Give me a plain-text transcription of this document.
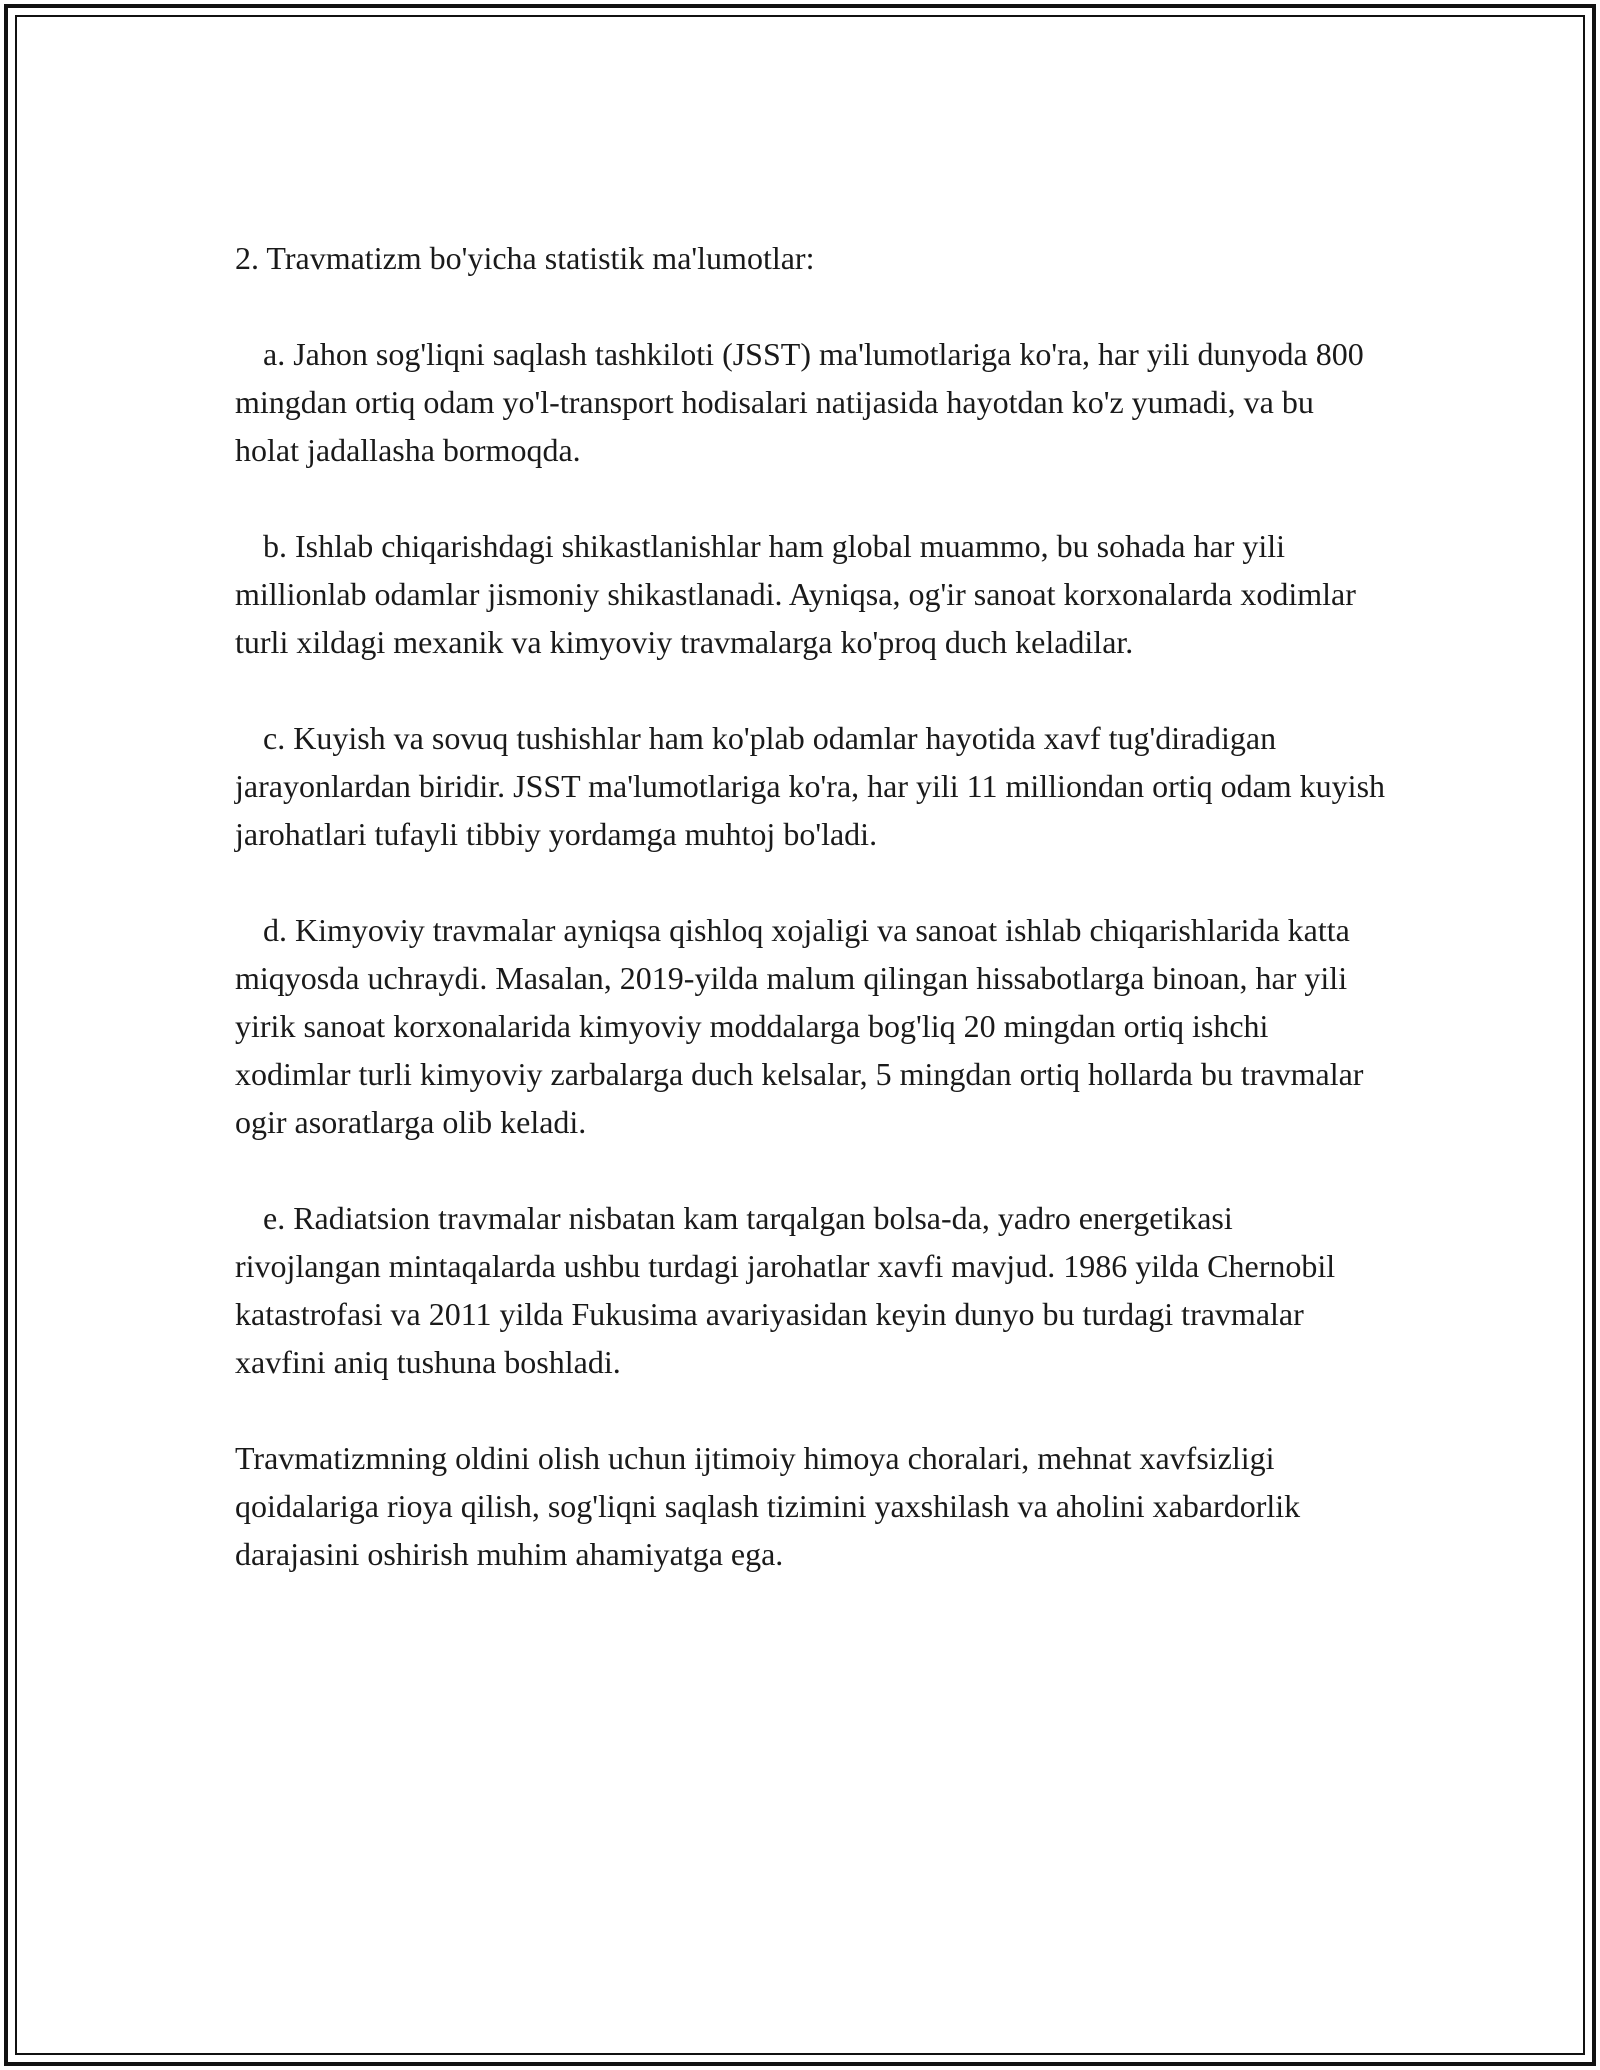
2. Travmatizm bo'yicha statistik ma'lumotlar:

a. Jahon sog'liqni saqlash tashkiloti (JSST) ma'lumotlariga ko'ra, har yili dunyoda 800 mingdan ortiq odam yo'l-transport hodisalari natijasida hayotdan ko'z yumadi, va bu holat jadallasha bormoqda.

b. Ishlab chiqarishdagi shikastlanishlar ham global muammo, bu sohada har yili millionlab odamlar jismoniy shikastlanadi. Ayniqsa, og'ir sanoat korxonalarda xodimlar turli xildagi mexanik va kimyoviy travmalarga ko'proq duch keladilar.

c. Kuyish va sovuq tushishlar ham ko'plab odamlar hayotida xavf tug'diradigan jarayonlardan biridir. JSST ma'lumotlariga ko'ra, har yili 11 milliondan ortiq odam kuyish jarohatlari tufayli tibbiy yordamga muhtoj bo'ladi.

d. Kimyoviy travmalar ayniqsa qishloq xojaligi va sanoat ishlab chiqarishlarida katta miqyosda uchraydi. Masalan, 2019-yilda malum qilingan hissabotlarga binoan, har yili yirik sanoat korxonalarida kimyoviy moddalarga bog'liq 20 mingdan ortiq ishchi xodimlar turli kimyoviy zarbalarga duch kelsalar, 5 mingdan ortiq hollarda bu travmalar ogir asoratlarga olib keladi.

e. Radiatsion travmalar nisbatan kam tarqalgan bolsa-da, yadro energetikasi rivojlangan mintaqalarda ushbu turdagi jarohatlar xavfi mavjud. 1986 yilda Chernobil katastrofasi va 2011 yilda Fukusima avariyasidan keyin dunyo bu turdagi travmalar xavfini aniq tushuna boshladi.

Travmatizmning oldini olish uchun ijtimoiy himoya choralari, mehnat xavfsizligi qoidalariga rioya qilish, sog'liqni saqlash tizimini yaxshilash va aholini xabardorlik darajasini oshirish muhim ahamiyatga ega.
